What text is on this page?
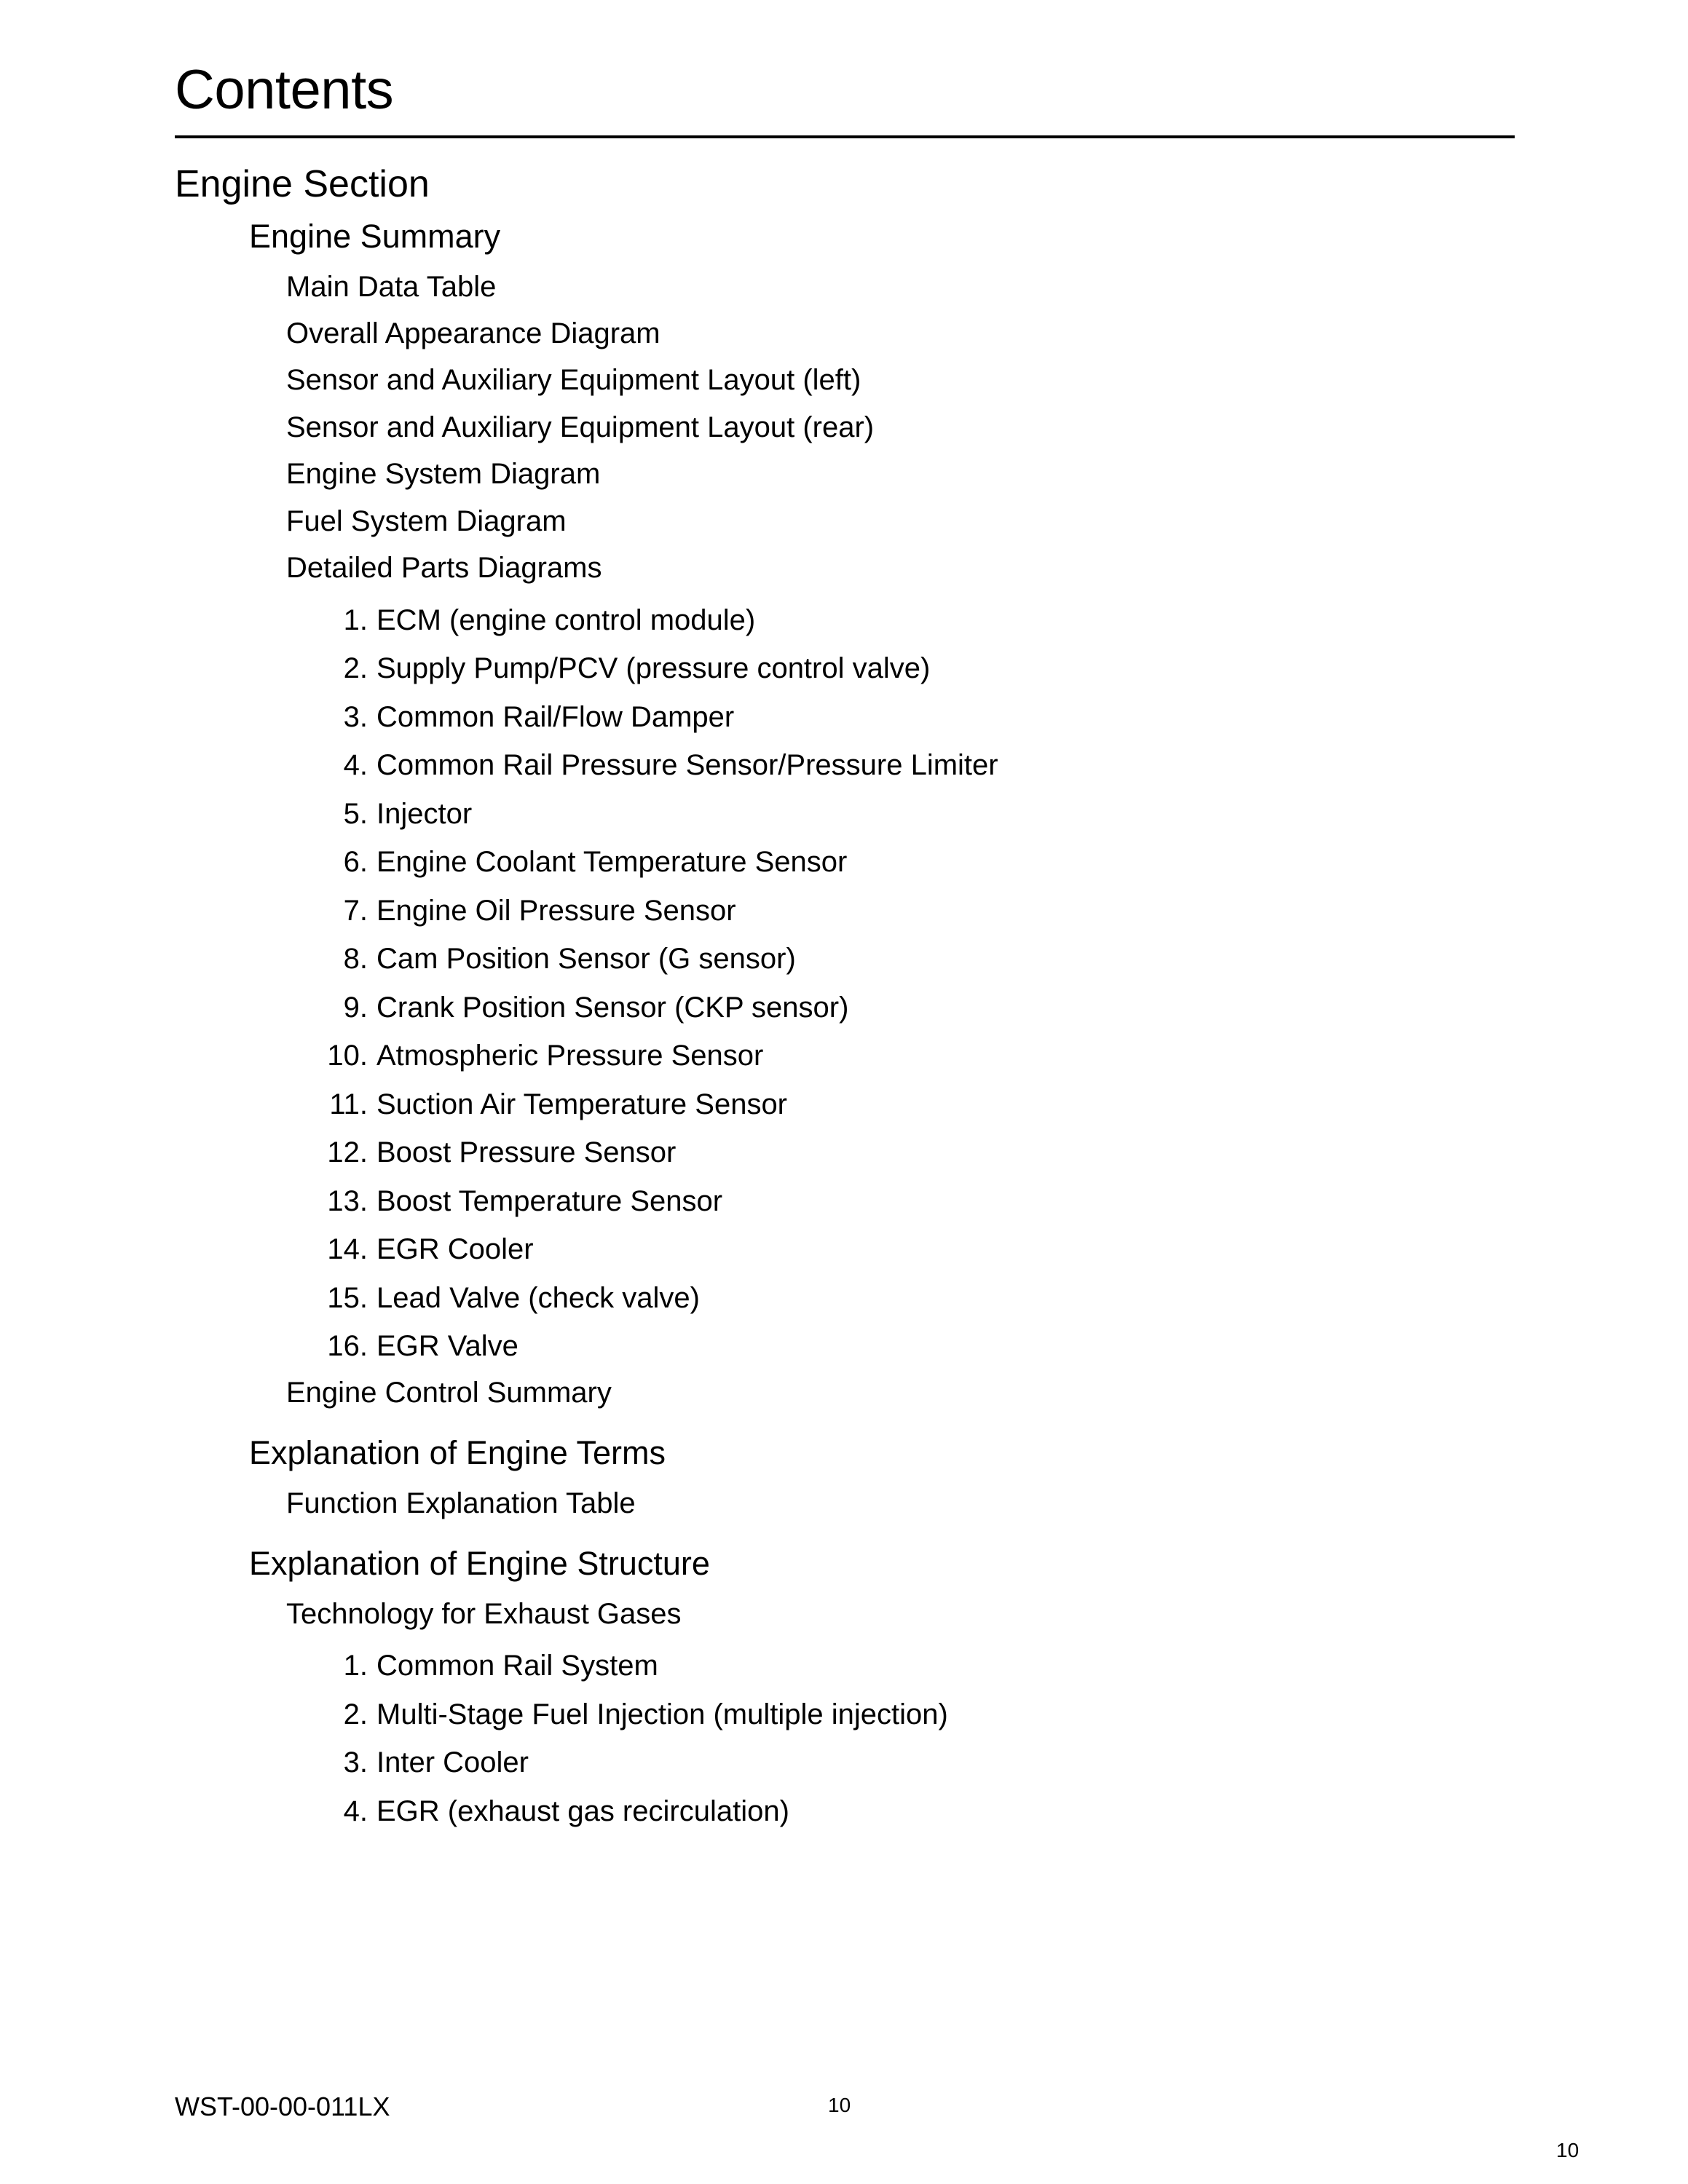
Contents
Engine Section
Engine Summary
Main Data Table
Overall Appearance Diagram
Sensor and Auxiliary Equipment Layout (left)
Sensor and Auxiliary Equipment Layout (rear)
Engine System Diagram
Fuel System Diagram
Detailed Parts Diagrams
1. ECM (engine control module)
2. Supply Pump/PCV (pressure control valve)
3. Common Rail/Flow Damper
4. Common Rail Pressure Sensor/Pressure Limiter
5. Injector
6. Engine Coolant Temperature Sensor
7. Engine Oil Pressure Sensor
8. Cam Position Sensor (G sensor)
9. Crank Position Sensor (CKP sensor)
10. Atmospheric Pressure Sensor
11. Suction Air Temperature Sensor
12. Boost Pressure Sensor
13. Boost Temperature Sensor
14. EGR Cooler
15. Lead Valve (check valve)
16. EGR Valve
Engine Control Summary
Explanation of Engine Terms
Function Explanation Table
Explanation of Engine Structure
Technology for Exhaust Gases
1. Common Rail System
2. Multi-Stage Fuel Injection (multiple injection)
3. Inter Cooler
4. EGR (exhaust gas recirculation)
WST-00-00-011LX	10
10
